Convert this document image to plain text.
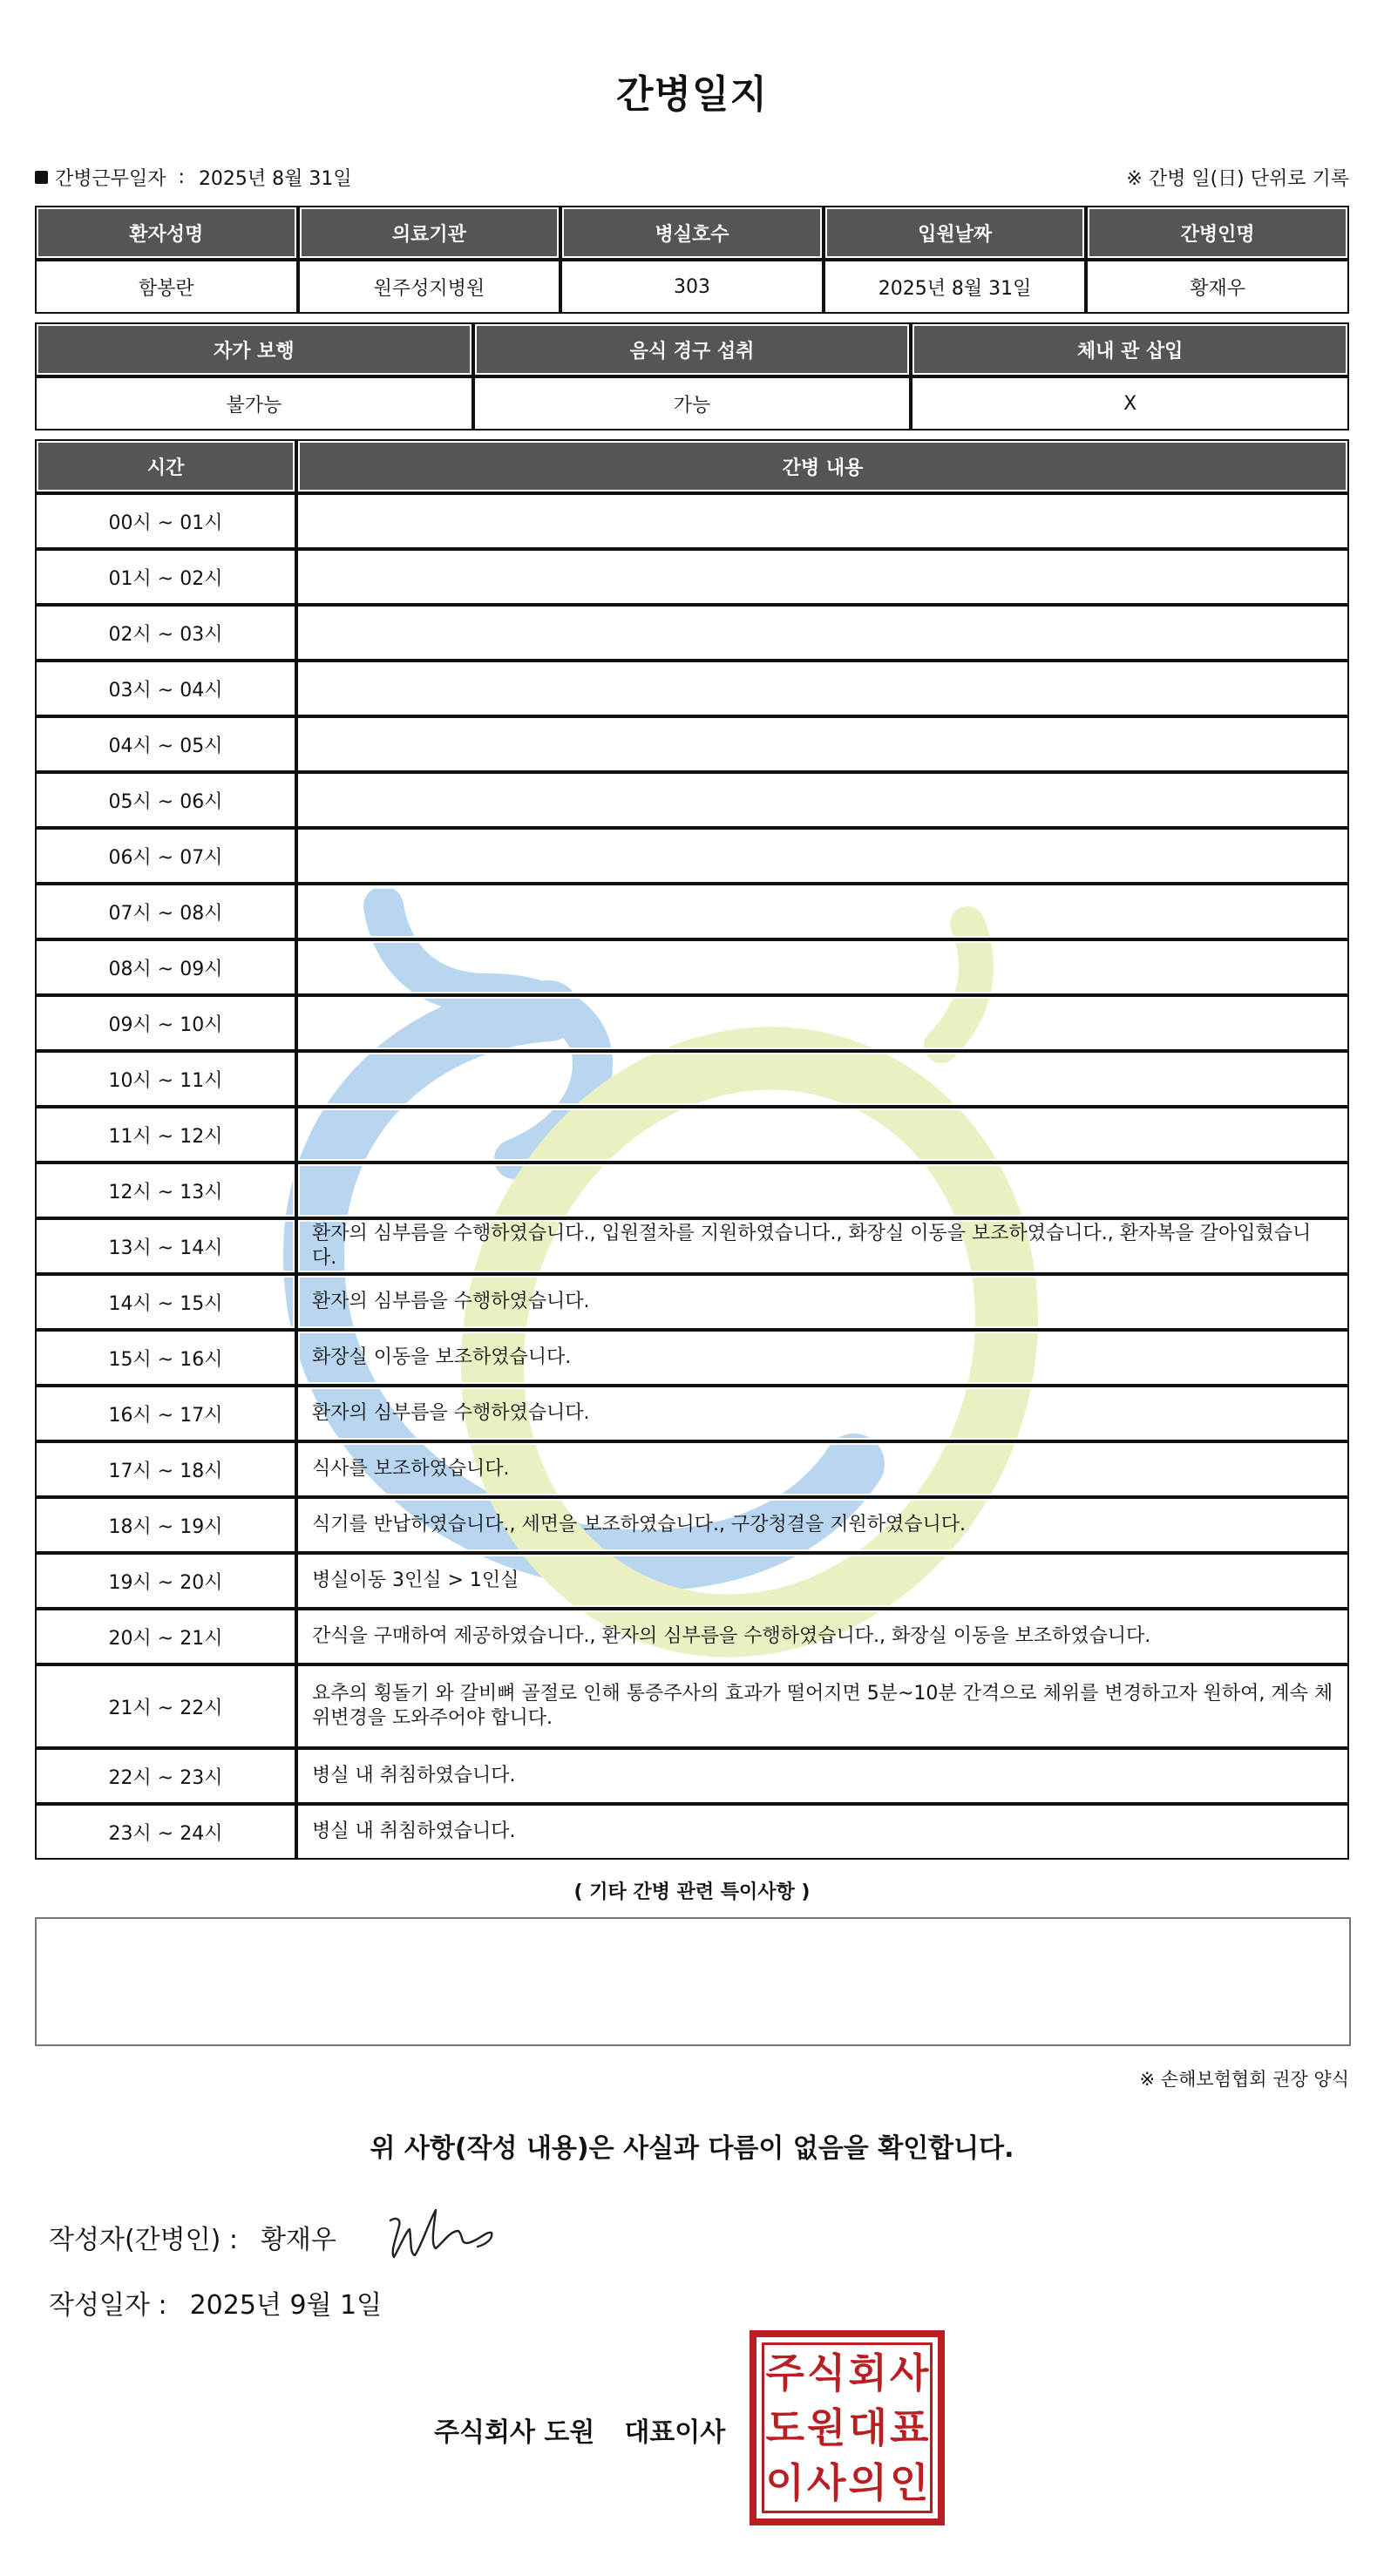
간병일지
간병근무일자 : 2025년 8월 31일	※ 간병 일(日) 단위로 기록
환자성명	의료기관	병실호수	입원날짜	간병인명
함봉란	원주성지병원	303	2025년 8월 31일	황재우
자가 보행	음식 경구 섭취	체내 관 삽입
불가능	가능	X
시간	간병 내용
00시 ~ 01시	
01시 ~ 02시	
02시 ~ 03시	
03시 ~ 04시	
04시 ~ 05시	
05시 ~ 06시	
06시 ~ 07시	
07시 ~ 08시	
08시 ~ 09시	
09시 ~ 10시	
10시 ~ 11시	
11시 ~ 12시	
12시 ~ 13시	
13시 ~ 14시	환자의 심부름을 수행하였습니다., 입원절차를 지원하였습니다., 화장실 이동을 보조하였습니다., 환자복을 갈아입혔습니다.
14시 ~ 15시	환자의 심부름을 수행하였습니다.
15시 ~ 16시	화장실 이동을 보조하였습니다.
16시 ~ 17시	환자의 심부름을 수행하였습니다.
17시 ~ 18시	식사를 보조하였습니다.
18시 ~ 19시	식기를 반납하였습니다., 세면을 보조하였습니다., 구강청결을 지원하였습니다.
19시 ~ 20시	병실이동 3인실 > 1인실
20시 ~ 21시	간식을 구매하여 제공하였습니다., 환자의 심부름을 수행하였습니다., 화장실 이동을 보조하였습니다.
21시 ~ 22시	요추의 횡돌기 와 갈비뼈 골절로 인해 통증주사의 효과가 떨어지면 5분~10분 간격으로 체위를 변경하고자 원하여, 계속 체위변경을 도와주어야 합니다.
22시 ~ 23시	병실 내 취침하였습니다.
23시 ~ 24시	병실 내 취침하였습니다.
( 기타 간병 관련 특이사항 )
※ 손해보험협회 권장 양식
위 사항(작성 내용)은 사실과 다름이 없음을 확인합니다.
작성자(간병인) : 황재우
작성일자 : 2025년 9월 1일
주식회사 도원 대표이사
주 식 회 사
도 원 대 표
이 사 의 인
